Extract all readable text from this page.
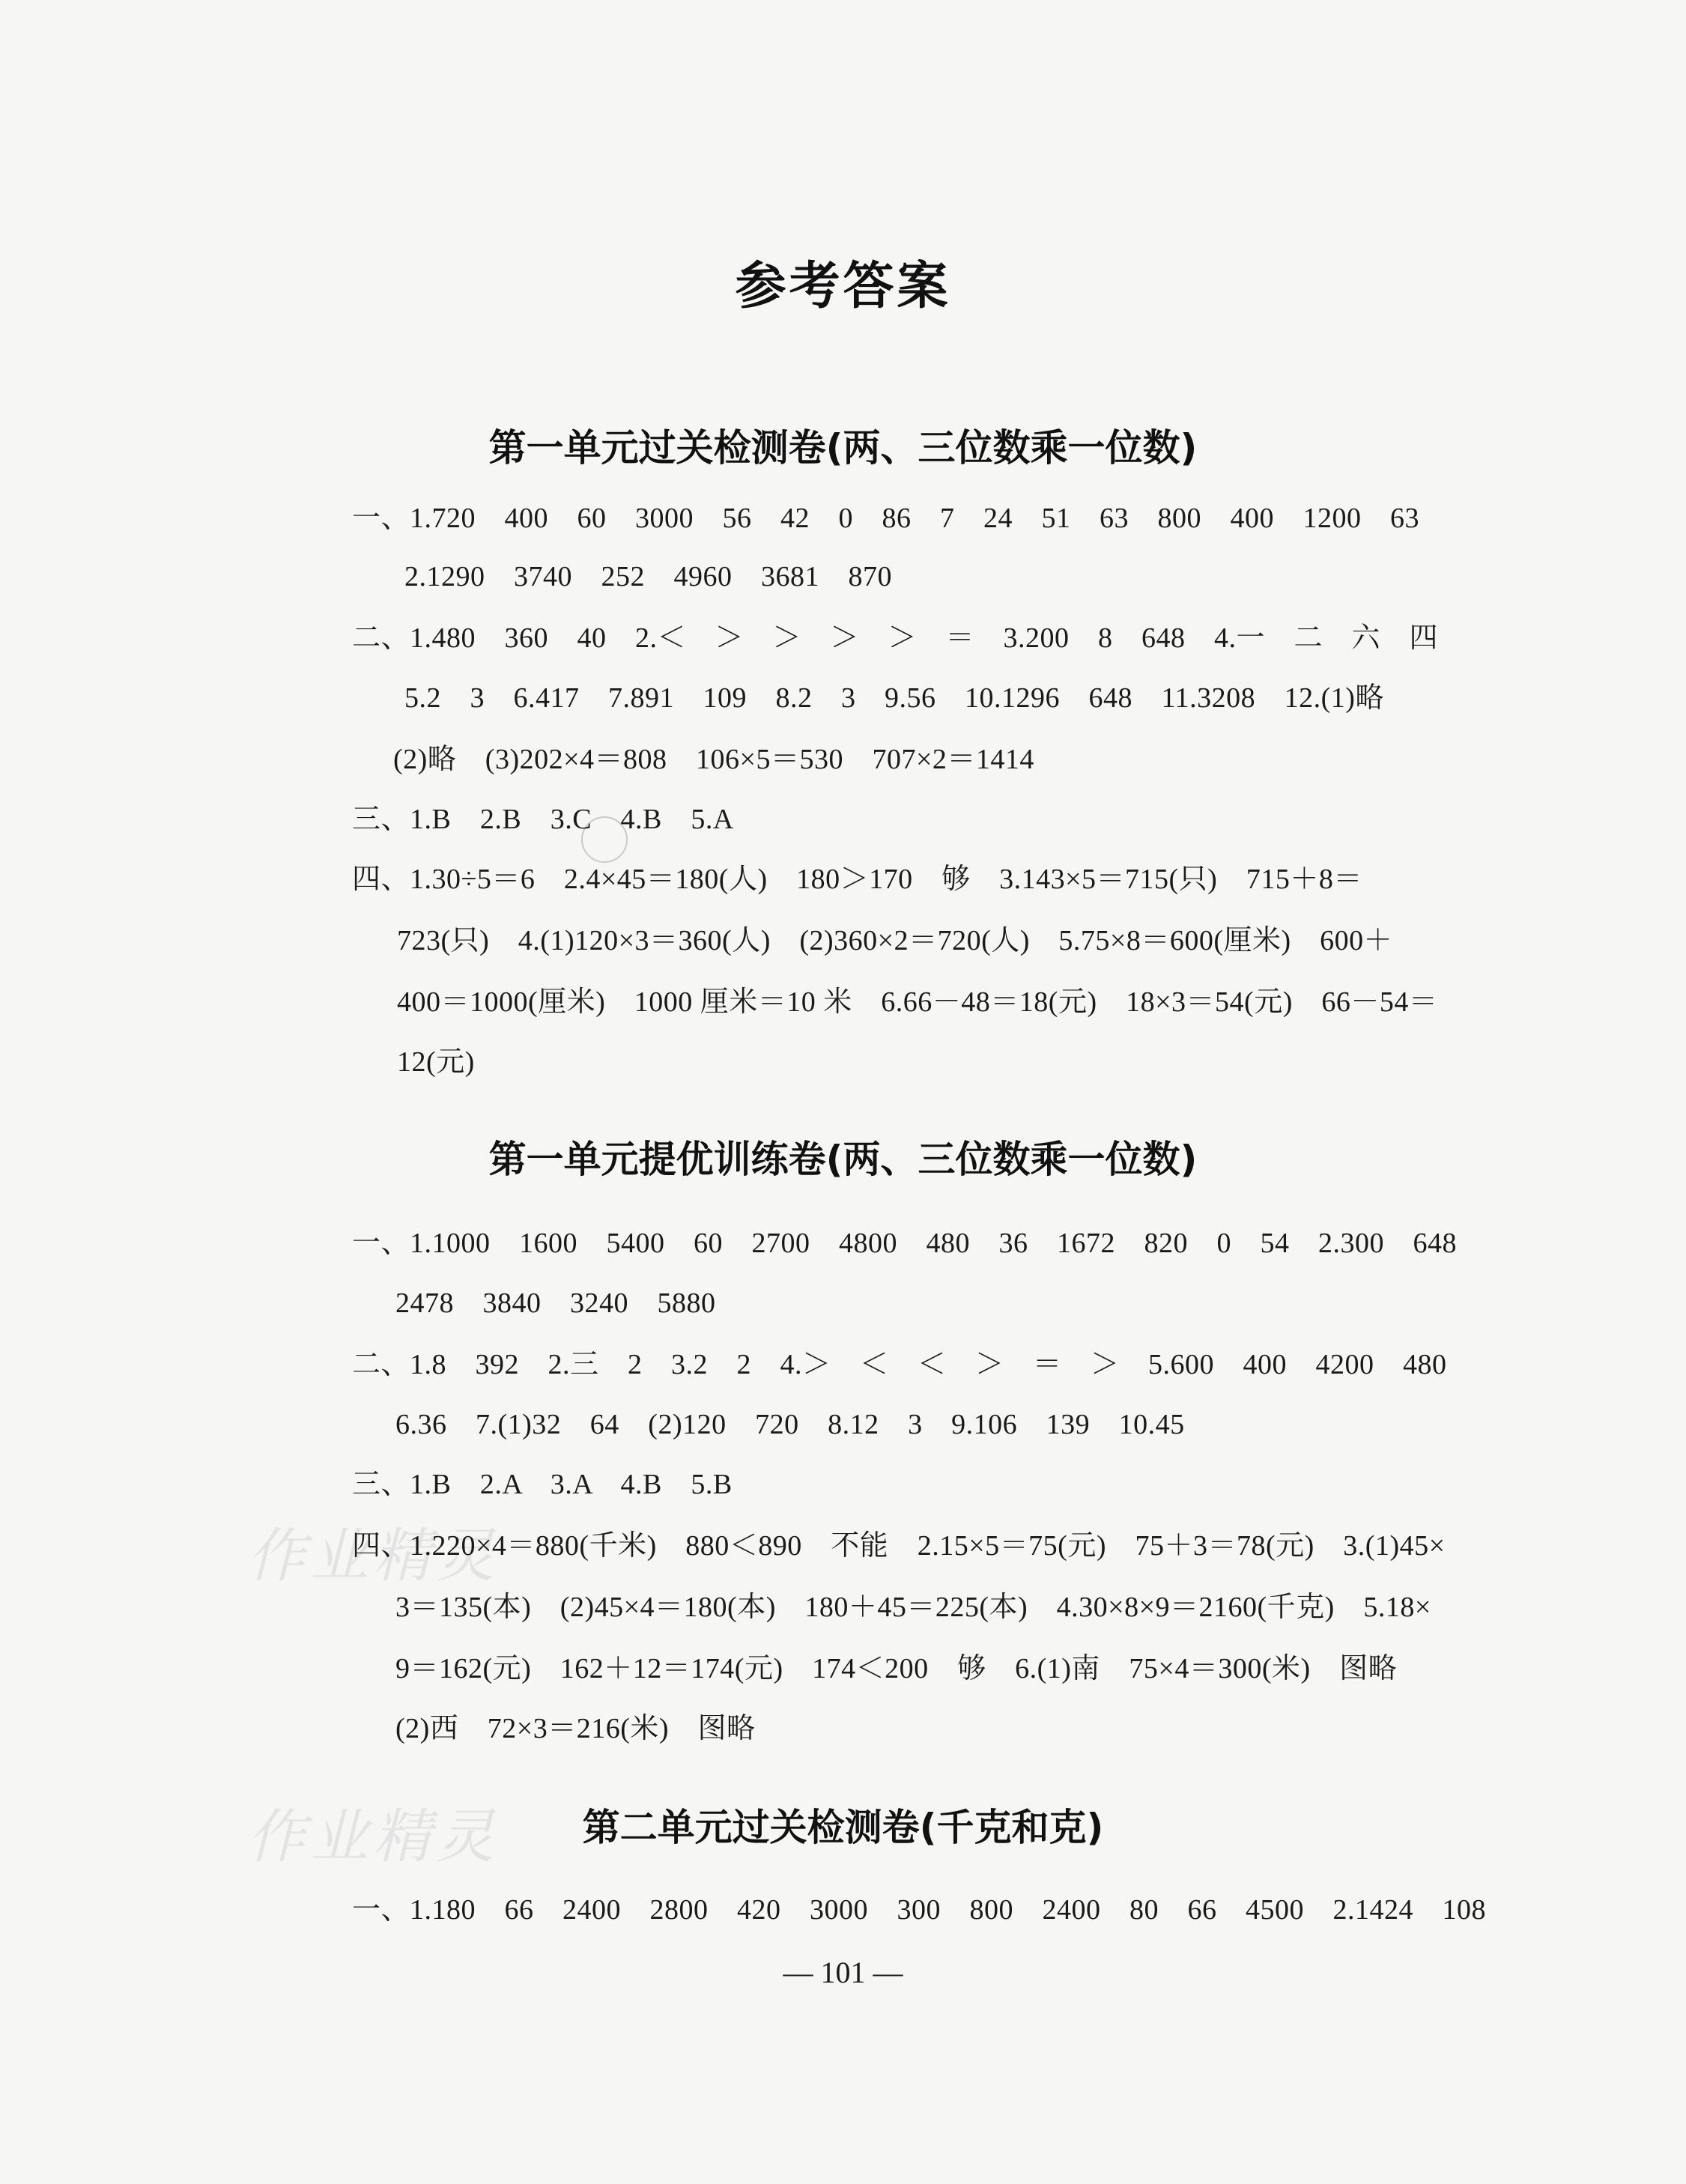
作业精灵
作业精灵
参考答案
第一单元过关检测卷(两、三位数乘一位数)
一、1.720　400　60　3000　56　42　0　86　7　24　51　63　800　400　1200　63
2.1290　3740　252　4960　3681　870
二、1.480　360　40　2.＜　＞　＞　＞　＞　＝　3.200　8　648　4.一　二　六　四
5.2　3　6.417　7.891　109　8.2　3　9.56　10.1296　648　11.3208　12.(1)略
(2)略　(3)202×4＝808　106×5＝530　707×2＝1414
三、1.B　2.B　3.C　4.B　5.A
四、1.30÷5＝6　2.4×45＝180(人)　180＞170　够　3.143×5＝715(只)　715＋8＝
723(只)　4.(1)120×3＝360(人)　(2)360×2＝720(人)　5.75×8＝600(厘米)　600＋
400＝1000(厘米)　1000 厘米＝10 米　6.66－48＝18(元)　18×3＝54(元)　66－54＝
12(元)
第一单元提优训练卷(两、三位数乘一位数)
一、1.1000　1600　5400　60　2700　4800　480　36　1672　820　0　54　2.300　648
2478　3840　3240　5880
二、1.8　392　2.三　2　3.2　2　4.＞　＜　＜　＞　＝　＞　5.600　400　4200　480
6.36　7.(1)32　64　(2)120　720　8.12　3　9.106　139　10.45
三、1.B　2.A　3.A　4.B　5.B
四、1.220×4＝880(千米)　880＜890　不能　2.15×5＝75(元)　75＋3＝78(元)　3.(1)45×
3＝135(本)　(2)45×4＝180(本)　180＋45＝225(本)　4.30×8×9＝2160(千克)　5.18×
9＝162(元)　162＋12＝174(元)　174＜200　够　6.(1)南　75×4＝300(米)　图略
(2)西　72×3＝216(米)　图略
第二单元过关检测卷(千克和克)
一、1.180　66　2400　2800　420　3000　300　800　2400　80　66　4500　2.1424　108
— 101 —
